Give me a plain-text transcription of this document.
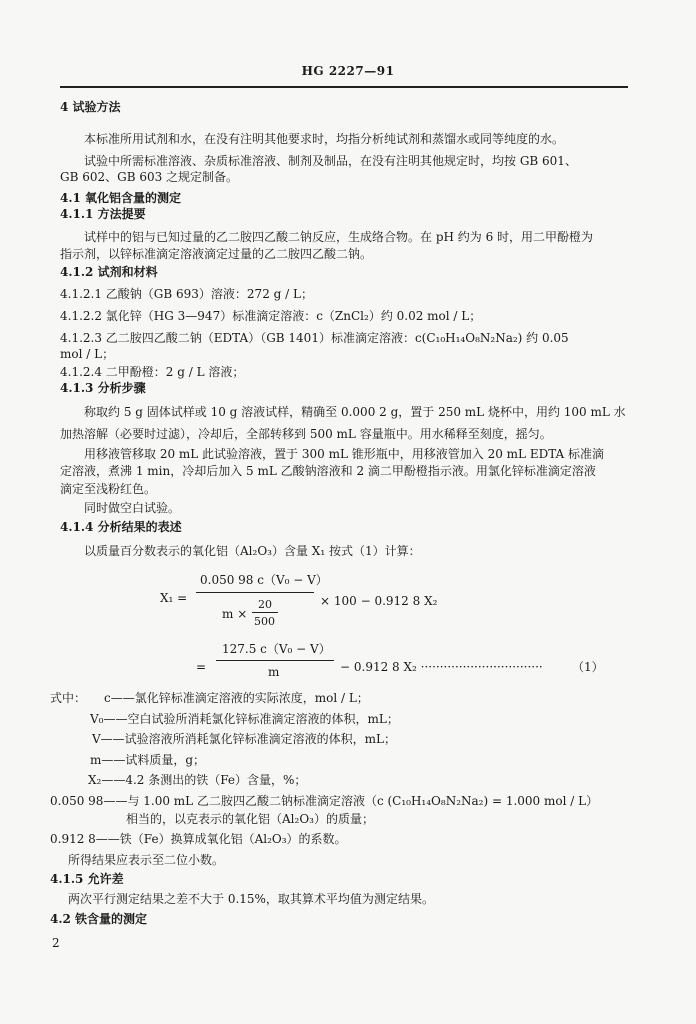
HG 2227—91
4 试验方法
本标准所用试剂和水，在没有注明其他要求时，均指分析纯试剂和蒸馏水或同等纯度的水。
试验中所需标准溶液、杂质标准溶液、制剂及制品，在没有注明其他规定时，均按 GB 601、
GB 602、GB 603 之规定制备。
4.1 氧化铝含量的测定
4.1.1 方法提要
试样中的铝与已知过量的乙二胺四乙酸二钠反应，生成络合物。在 pH 约为 6 时，用二甲酚橙为
指示剂，以锌标准滴定溶液滴定过量的乙二胺四乙酸二钠。
4.1.2 试剂和材料
4.1.2.1 乙酸钠（GB 693）溶液：272 g / L；
4.1.2.2 氯化锌（HG 3—947）标准滴定溶液：c（ZnCl₂）约 0.02 mol / L；
4.1.2.3 乙二胺四乙酸二钠（EDTA）（GB 1401）标准滴定溶液：c(C₁₀H₁₄O₈N₂Na₂) 约 0.05
mol / L；
4.1.2.4 二甲酚橙：2 g / L 溶液；
4.1.3 分析步骤
称取约 5 g 固体试样或 10 g 溶液试样，精确至 0.000 2 g，置于 250 mL 烧杯中，用约 100 mL 水
加热溶解（必要时过滤），冷却后，全部转移到 500 mL 容量瓶中。用水稀释至刻度，摇匀。
用移液管移取 20 mL 此试验溶液，置于 300 mL 锥形瓶中，用移液管加入 20 mL EDTA 标准滴
定溶液，煮沸 1 min，冷却后加入 5 mL 乙酸钠溶液和 2 滴二甲酚橙指示液。用氯化锌标准滴定溶液
滴定至浅粉红色。
同时做空白试验。
4.1.4 分析结果的表述
以质量百分数表示的氧化铝（Al₂O₃）含量 X₁ 按式（1）计算：
X₁ =
0.050 98 c（V₀ − V）
m ×
20
500
× 100 − 0.912 8 X₂
=
127.5 c（V₀ − V）
m	− 0.912 8 X₂ ································ （1）
式中： c——氯化锌标准滴定溶液的实际浓度，mol / L；
V₀——空白试验所消耗氯化锌标准滴定溶液的体积，mL；
V——试验溶液所消耗氯化锌标准滴定溶液的体积，mL；
m——试料质量，g；
X₂——4.2 条测出的铁（Fe）含量，%；
0.050 98——与 1.00 mL 乙二胺四乙酸二钠标准滴定溶液（c (C₁₀H₁₄O₈N₂Na₂) = 1.000 mol / L）
相当的，以克表示的氧化铝（Al₂O₃）的质量；
0.912 8——铁（Fe）换算成氧化铝（Al₂O₃）的系数。
所得结果应表示至二位小数。
4.1.5 允许差
两次平行测定结果之差不大于 0.15%，取其算术平均值为测定结果。
4.2 铁含量的测定
2
